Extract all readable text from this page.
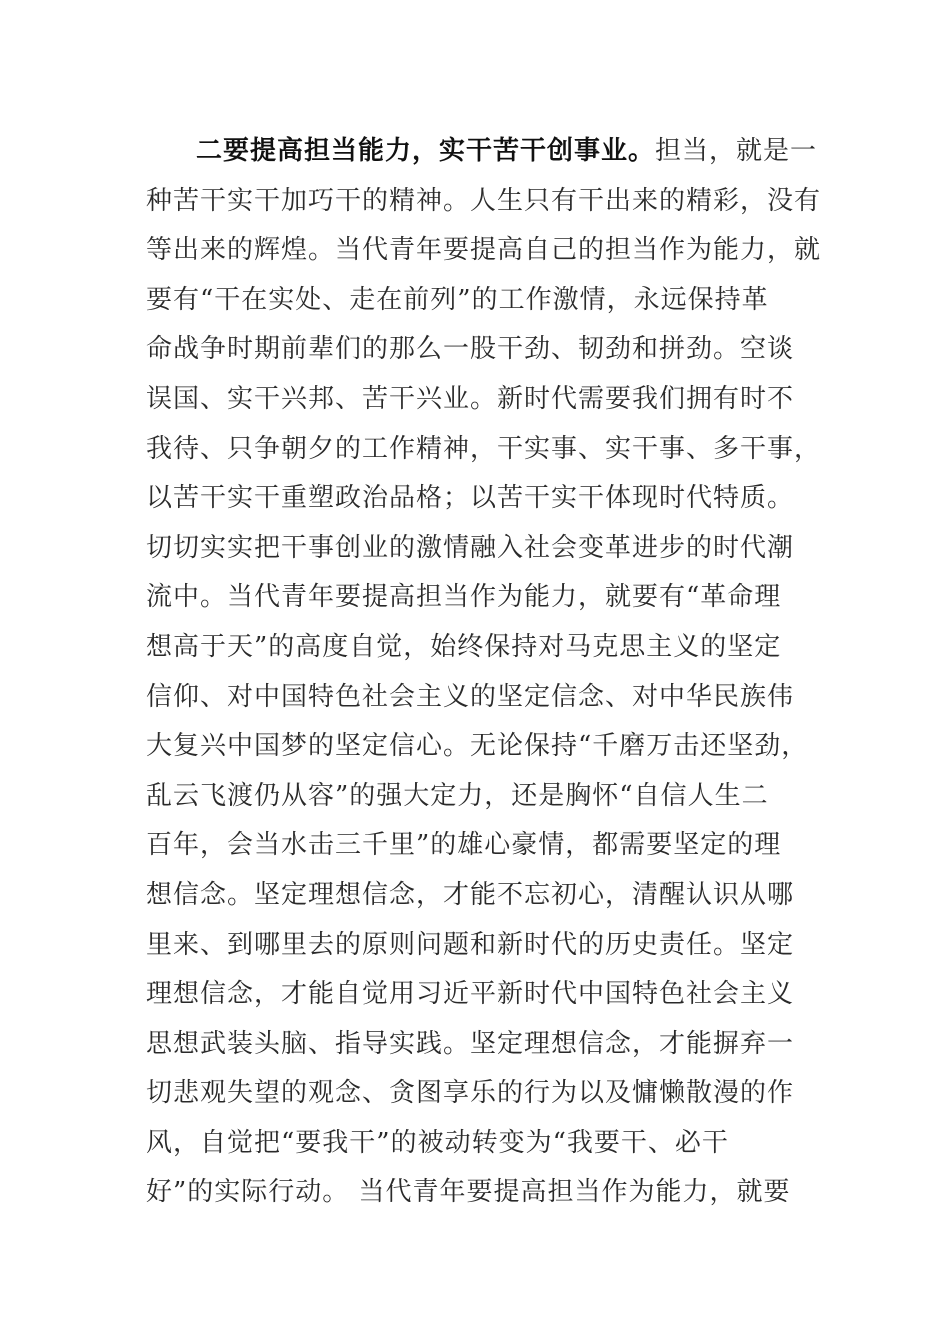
二要提高担当能力，实干苦干创事业。担当，就是一
种苦干实干加巧干的精神。人生只有干出来的精彩，没有
等出来的辉煌。当代青年要提高自己的担当作为能力，就
要有“干在实处、走在前列”的工作激情，永远保持革
命战争时期前辈们的那么一股干劲、韧劲和拼劲。空谈
误国、实干兴邦、苦干兴业。新时代需要我们拥有时不
我待、只争朝夕的工作精神，干实事、实干事、多干事，
以苦干实干重塑政治品格；以苦干实干体现时代特质。
切切实实把干事创业的激情融入社会变革进步的时代潮
流中。当代青年要提高担当作为能力，就要有“革命理
想高于天”的高度自觉，始终保持对马克思主义的坚定
信仰、对中国特色社会主义的坚定信念、对中华民族伟
大复兴中国梦的坚定信心。无论保持“千磨万击还坚劲，
乱云飞渡仍从容”的强大定力，还是胸怀“自信人生二
百年，会当水击三千里”的雄心豪情，都需要坚定的理
想信念。坚定理想信念，才能不忘初心，清醒认识从哪
里来、到哪里去的原则问题和新时代的历史责任。坚定
理想信念，才能自觉用习近平新时代中国特色社会主义
思想武装头脑、指导实践。坚定理想信念，才能摒弃一
切悲观失望的观念、贪图享乐的行为以及慵懒散漫的作
风，自觉把“要我干”的被动转变为“我要干、必干
好”的实际行动。 当代青年要提高担当作为能力，就要
